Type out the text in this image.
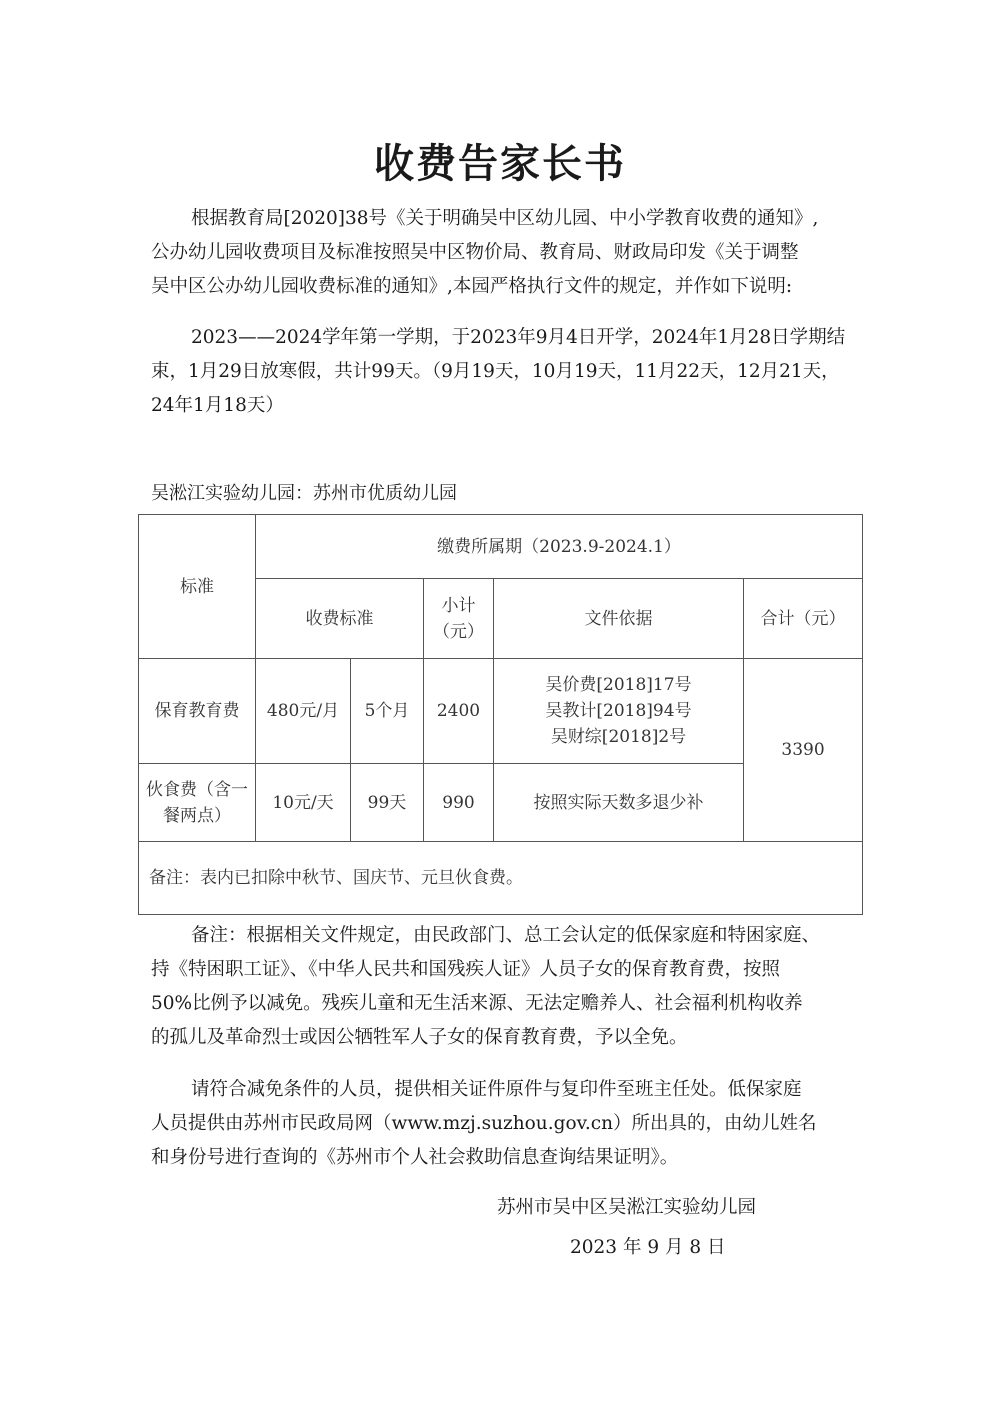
收费告家长书
根据教育局[2020]38号《关于明确吴中区幼儿园、中小学教育收费的通知》,
公办幼儿园收费项目及标准按照吴中区物价局、教育局、财政局印发《关于调整
吴中区公办幼儿园收费标准的通知》,本园严格执行文件的规定，并作如下说明:
2023——2024学年第一学期，于2023年9月4日开学，2024年1月28日学期结
束，1月29日放寒假，共计99天。（9月19天，10月19天，11月22天，12月21天，
24年1月18天）

吴淞江实验幼儿园：苏州市优质幼儿园

标准	缴费所属期（2023.9-2024.1）				
	收费标准		小计（元）	文件依据	合计（元）
保育教育费	480元/月	5个月	2400	吴价费[2018]17号
吴教计[2018]94号
吴财综[2018]2号	3390
伙食费（含一餐两点）	10元/天	99天	990	按照实际天数多退少补	
备注：表内已扣除中秋节、国庆节、元旦伙食费。					
备注：根据相关文件规定，由民政部门、总工会认定的低保家庭和特困家庭、
持《特困职工证》、《中华人民共和国残疾人证》人员子女的保育教育费，按照
50%比例予以减免。残疾儿童和无生活来源、无法定赡养人、社会福利机构收养
的孤儿及革命烈士或因公牺牲军人子女的保育教育费，予以全免。
请符合减免条件的人员，提供相关证件原件与复印件至班主任处。低保家庭
人员提供由苏州市民政局网（www.mzj.suzhou.gov.cn）所出具的，由幼儿姓名
和身份号进行查询的《苏州市个人社会救助信息查询结果证明》。

苏州市吴中区吴淞江实验幼儿园

2023 年 9 月 8 日
